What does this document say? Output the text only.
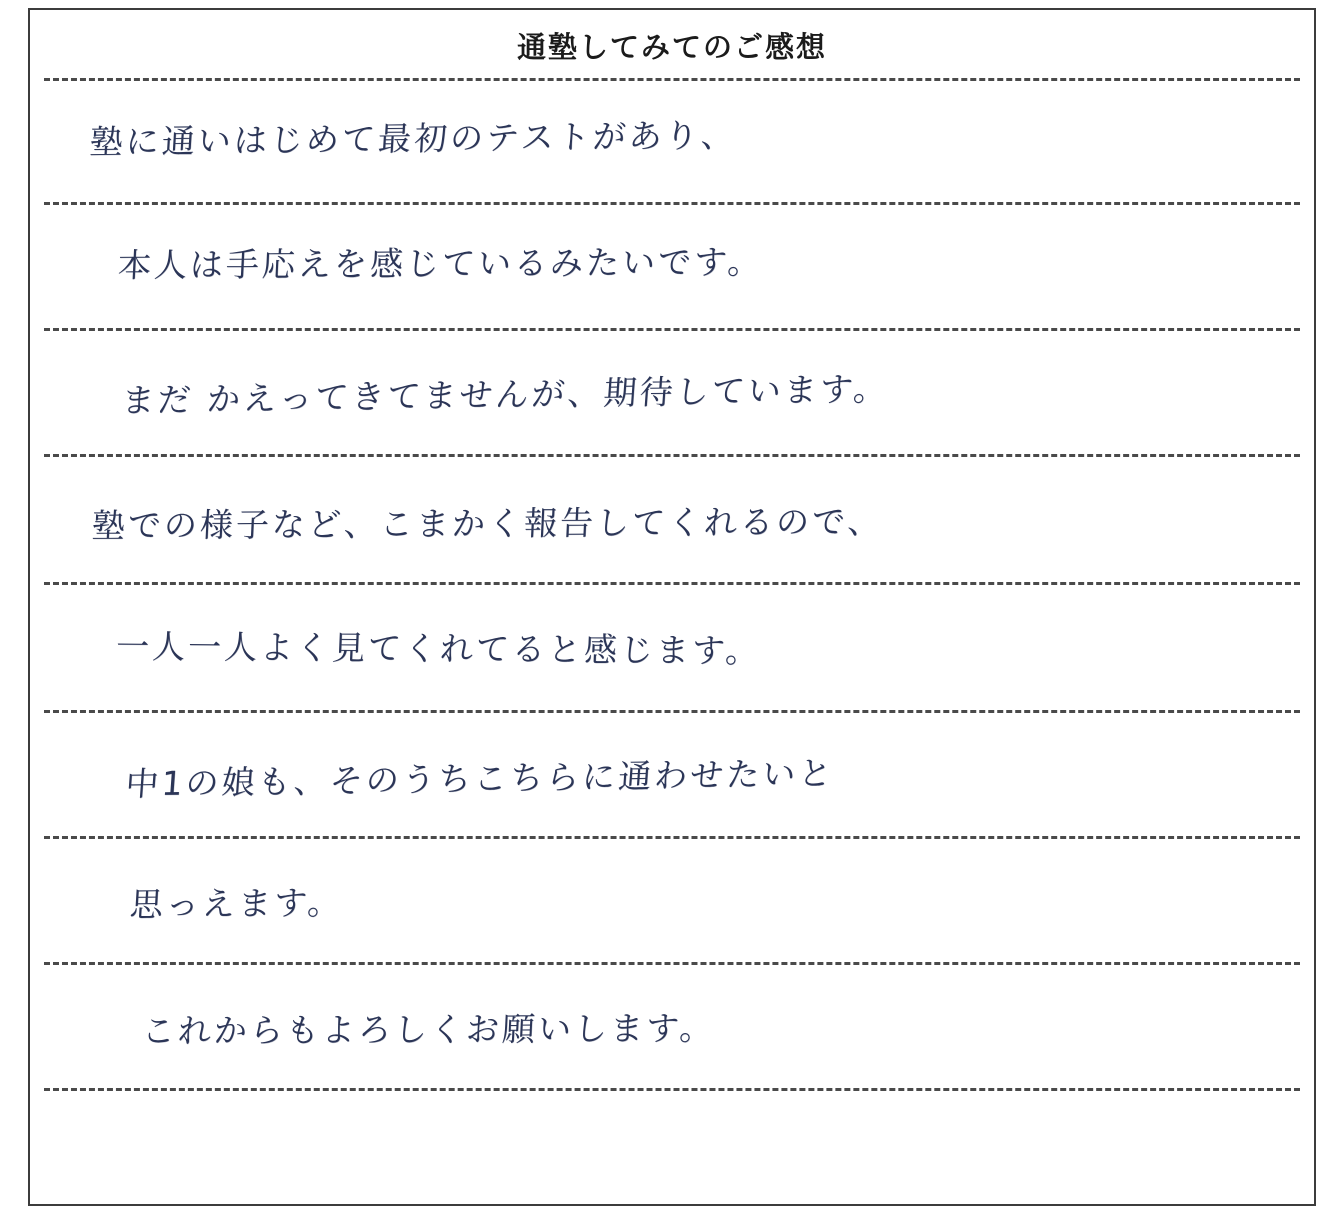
通塾してみてのご感想
塾に通いはじめて最初のテストがあり、
本人は手応えを感じているみたいです。
まだ かえってきてませんが、期待しています。
塾での様子など、こまかく報告してくれるので、
一人一人よく見てくれてると感じます。
中1の娘も、そのうちこちらに通わせたいと
思っえます。
これからもよろしくお願いします。
